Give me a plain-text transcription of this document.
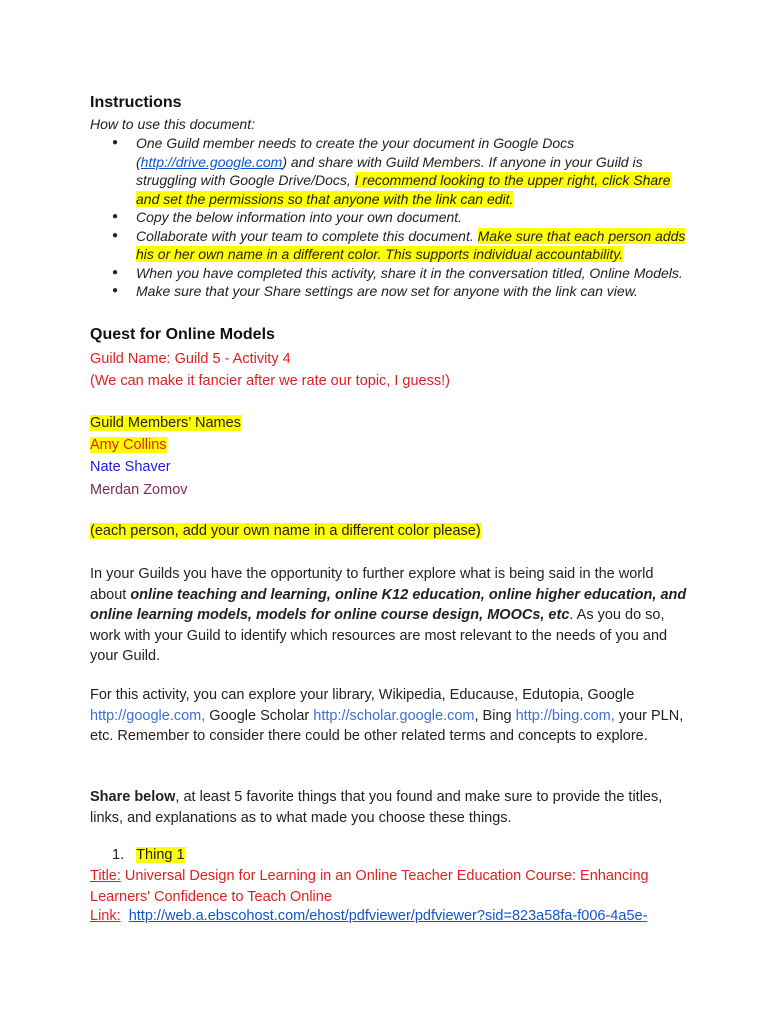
Instructions
How to use this document:
● One Guild member needs to create the your document in Google Docs (http://drive.google.com) and share with Guild Members. If anyone in your Guild is struggling with Google Drive/Docs, I recommend looking to the upper right, click Share and set the permissions so that anyone with the link can edit.
● Copy the below information into your own document.
● Collaborate with your team to complete this document. Make sure that each person adds his or her own name in a different color. This supports individual accountability.
● When you have completed this activity, share it in the conversation titled, Online Models.
● Make sure that your Share settings are now set for anyone with the link can view.
Quest for Online Models
Guild Name: Guild 5 - Activity 4
(We can make it fancier after we rate our topic, I guess!)
Guild Members’ Names
Amy Collins
Nate Shaver
Merdan Zomov
(each person, add your own name in a different color please)
In your Guilds you have the opportunity to further explore what is being said in the world about online teaching and learning, online K12 education, online higher education, and online learning models, models for online course design, MOOCs, etc. As you do so, work with your Guild to identify which resources are most relevant to the needs of you and your Guild.
For this activity, you can explore your library, Wikipedia, Educause, Edutopia, Google http://google.com, Google Scholar http://scholar.google.com, Bing http://bing.com, your PLN, etc. Remember to consider there could be other related terms and concepts to explore.
Share below, at least 5 favorite things that you found and make sure to provide the titles, links, and explanations as to what made you choose these things.
1. Thing 1
Title: Universal Design for Learning in an Online Teacher Education Course: Enhancing Learners' Confidence to Teach Online
Link: http://web.a.ebscohost.com/ehost/pdfviewer/pdfviewer?sid=823a58fa-f006-4a5e-
